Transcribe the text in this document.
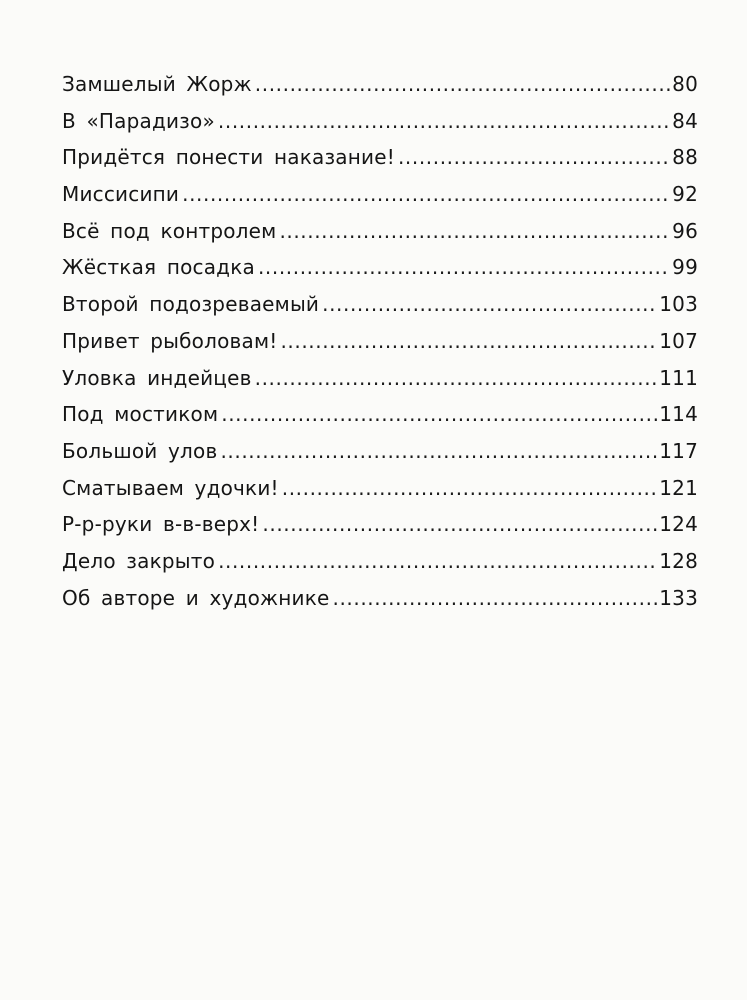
Замшелый Жорж .....	80
В «Парадизо» .....	84
Придётся понести наказание! .....	88
Миссисипи .....	92
Всё под контролем .....	96
Жёсткая посадка .....	99
Второй подозреваемый .....	103
Привет рыболовам! .....	107
Уловка индейцев .....	111
Под мостиком .....	114
Большой улов .....	117
Сматываем удочки! .....	121
Р-р-руки в-в-верх! .....	124
Дело закрыто .....	128
Об авторе и художнике .....	133
